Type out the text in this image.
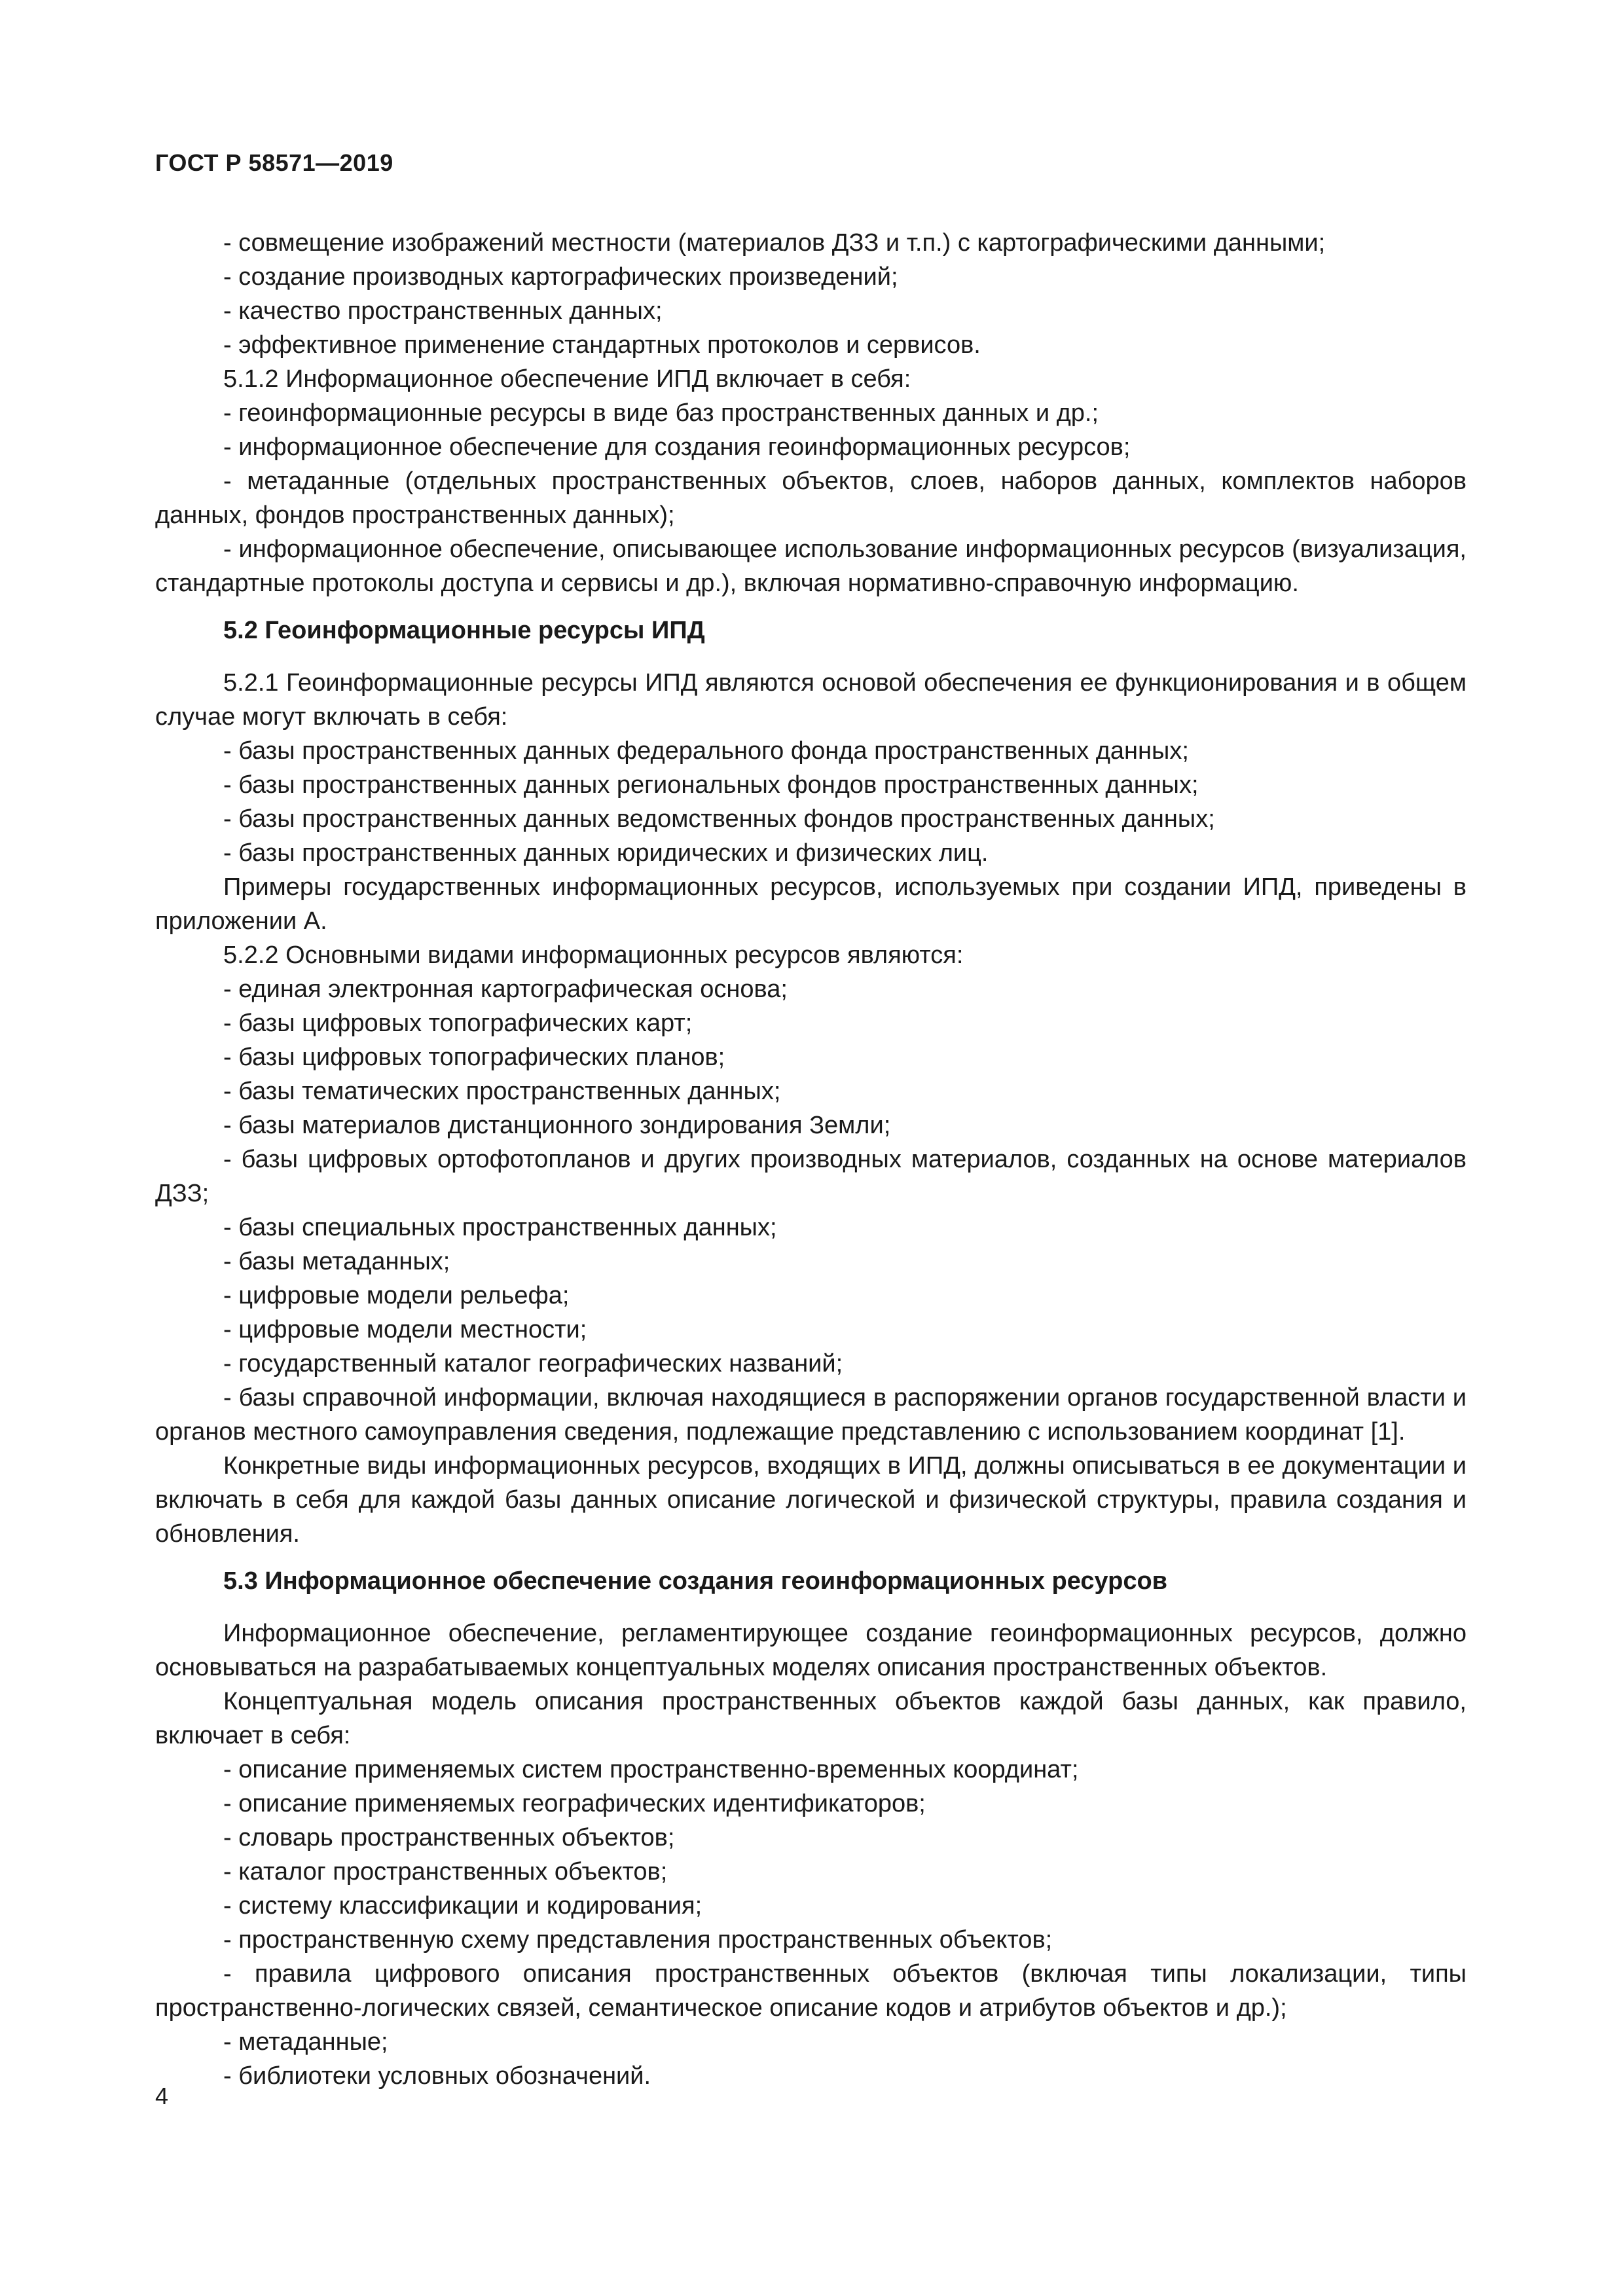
ГОСТ Р 58571—2019

- совмещение изображений местности (материалов ДЗЗ и т.п.) с картографическими данными;

- создание производных картографических произведений;

- качество пространственных данных;

- эффективное применение стандартных протоколов и сервисов.

5.1.2 Информационное обеспечение ИПД включает в себя:

- геоинформационные ресурсы в виде баз пространственных данных и др.;

- информационное обеспечение для создания геоинформационных ресурсов;

- метаданные (отдельных пространственных объектов, слоев, наборов данных, комплектов наборов данных, фондов пространственных данных);

- информационное обеспечение, описывающее использование информационных ресурсов (визуализация, стандартные протоколы доступа и сервисы и др.), включая нормативно-справочную информацию.

5.2 Геоинформационные ресурсы ИПД

5.2.1 Геоинформационные ресурсы ИПД являются основой обеспечения ее функционирования и в общем случае могут включать в себя:

- базы пространственных данных федерального фонда пространственных данных;

- базы пространственных данных региональных фондов пространственных данных;

- базы пространственных данных ведомственных фондов пространственных данных;

- базы пространственных данных юридических и физических лиц.

Примеры государственных информационных ресурсов, используемых при создании ИПД, приведены в приложении А.

5.2.2 Основными видами информационных ресурсов являются:

- единая электронная картографическая основа;

- базы цифровых топографических карт;

- базы цифровых топографических планов;

- базы тематических пространственных данных;

- базы материалов дистанционного зондирования Земли;

- базы цифровых ортофотопланов и других производных материалов, созданных на основе материалов ДЗЗ;

- базы специальных пространственных данных;

- базы метаданных;

- цифровые модели рельефа;

- цифровые модели местности;

- государственный каталог географических названий;

- базы справочной информации, включая находящиеся в распоряжении органов государственной власти и органов местного самоуправления сведения, подлежащие представлению с использованием координат [1].

Конкретные виды информационных ресурсов, входящих в ИПД, должны описываться в ее документации и включать в себя для каждой базы данных описание логической и физической структуры, правила создания и обновления.

5.3 Информационное обеспечение создания геоинформационных ресурсов

Информационное обеспечение, регламентирующее создание геоинформационных ресурсов, должно основываться на разрабатываемых концептуальных моделях описания пространственных объектов.

Концептуальная модель описания пространственных объектов каждой базы данных, как правило, включает в себя:

- описание применяемых систем пространственно-временных координат;

- описание применяемых географических идентификаторов;

- словарь пространственных объектов;

- каталог пространственных объектов;

- систему классификации и кодирования;

- пространственную схему представления пространственных объектов;

- правила цифрового описания пространственных объектов (включая типы локализации, типы пространственно-логических связей, семантическое описание кодов и атрибутов объектов и др.);

- метаданные;

- библиотеки условных обозначений.

4
